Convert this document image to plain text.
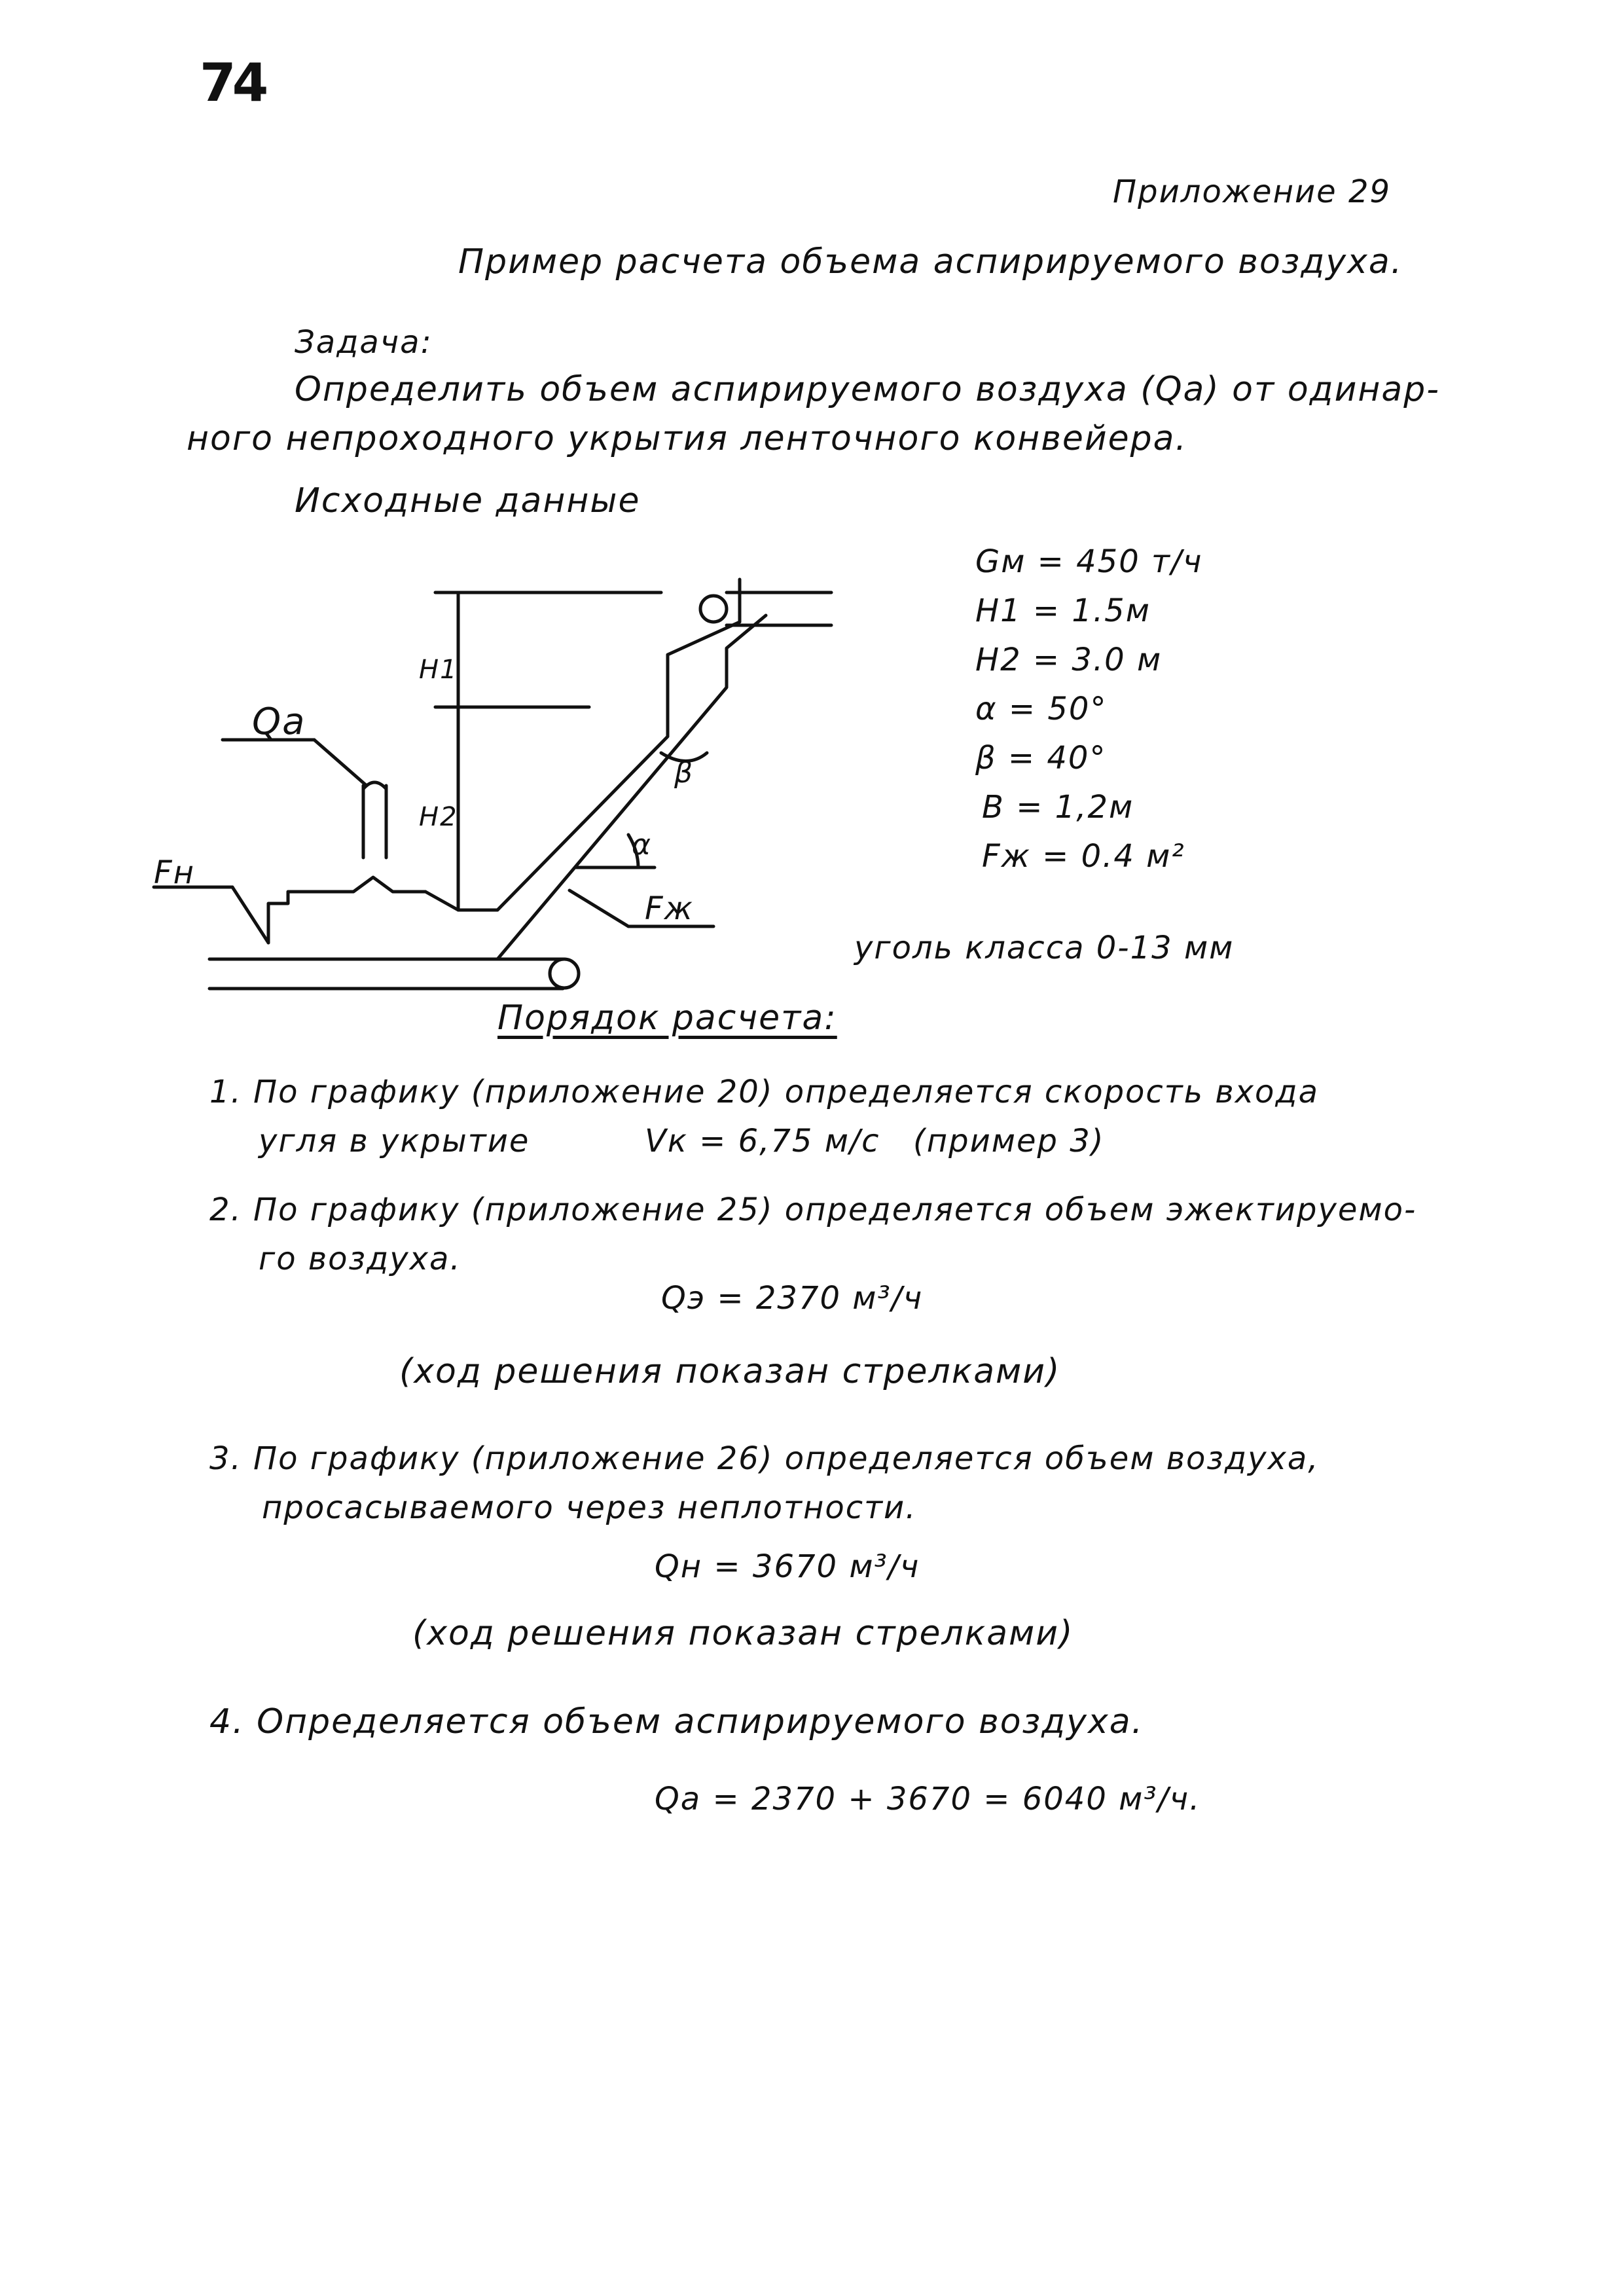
74
Приложение 29
Пример расчета объема аспирируемого воздуха.
Задача:
Определить объем аспирируемого воздуха (Qa) от одинар-
ного непроходного укрытия ленточного конвейера.
Исходные данные
Gм = 450 т/ч
H1 = 1.5м
H2 = 3.0 м
α = 50°
β = 40°
B = 1,2м
Fж = 0.4 м²
уголь класса 0-13 мм
Qa
Fн
Fж
H1
H2
α
β
Порядок расчета:
1. По графику (приложение 20) определяется скорость входа
угля в укрытие	Vк = 6,75 м/с (пример 3)
2. По графику (приложение 25) определяется объем эжектируемо-
го воздуха.
Qэ = 2370 м³/ч
(ход решения показан стрелками)
3. По графику (приложение 26) определяется объем воздуха,
просасываемого через неплотности.
Qн = 3670 м³/ч
(ход решения показан стрелками)
4. Определяется объем аспирируемого воздуха.
Qa = 2370 + 3670 = 6040 м³/ч.
